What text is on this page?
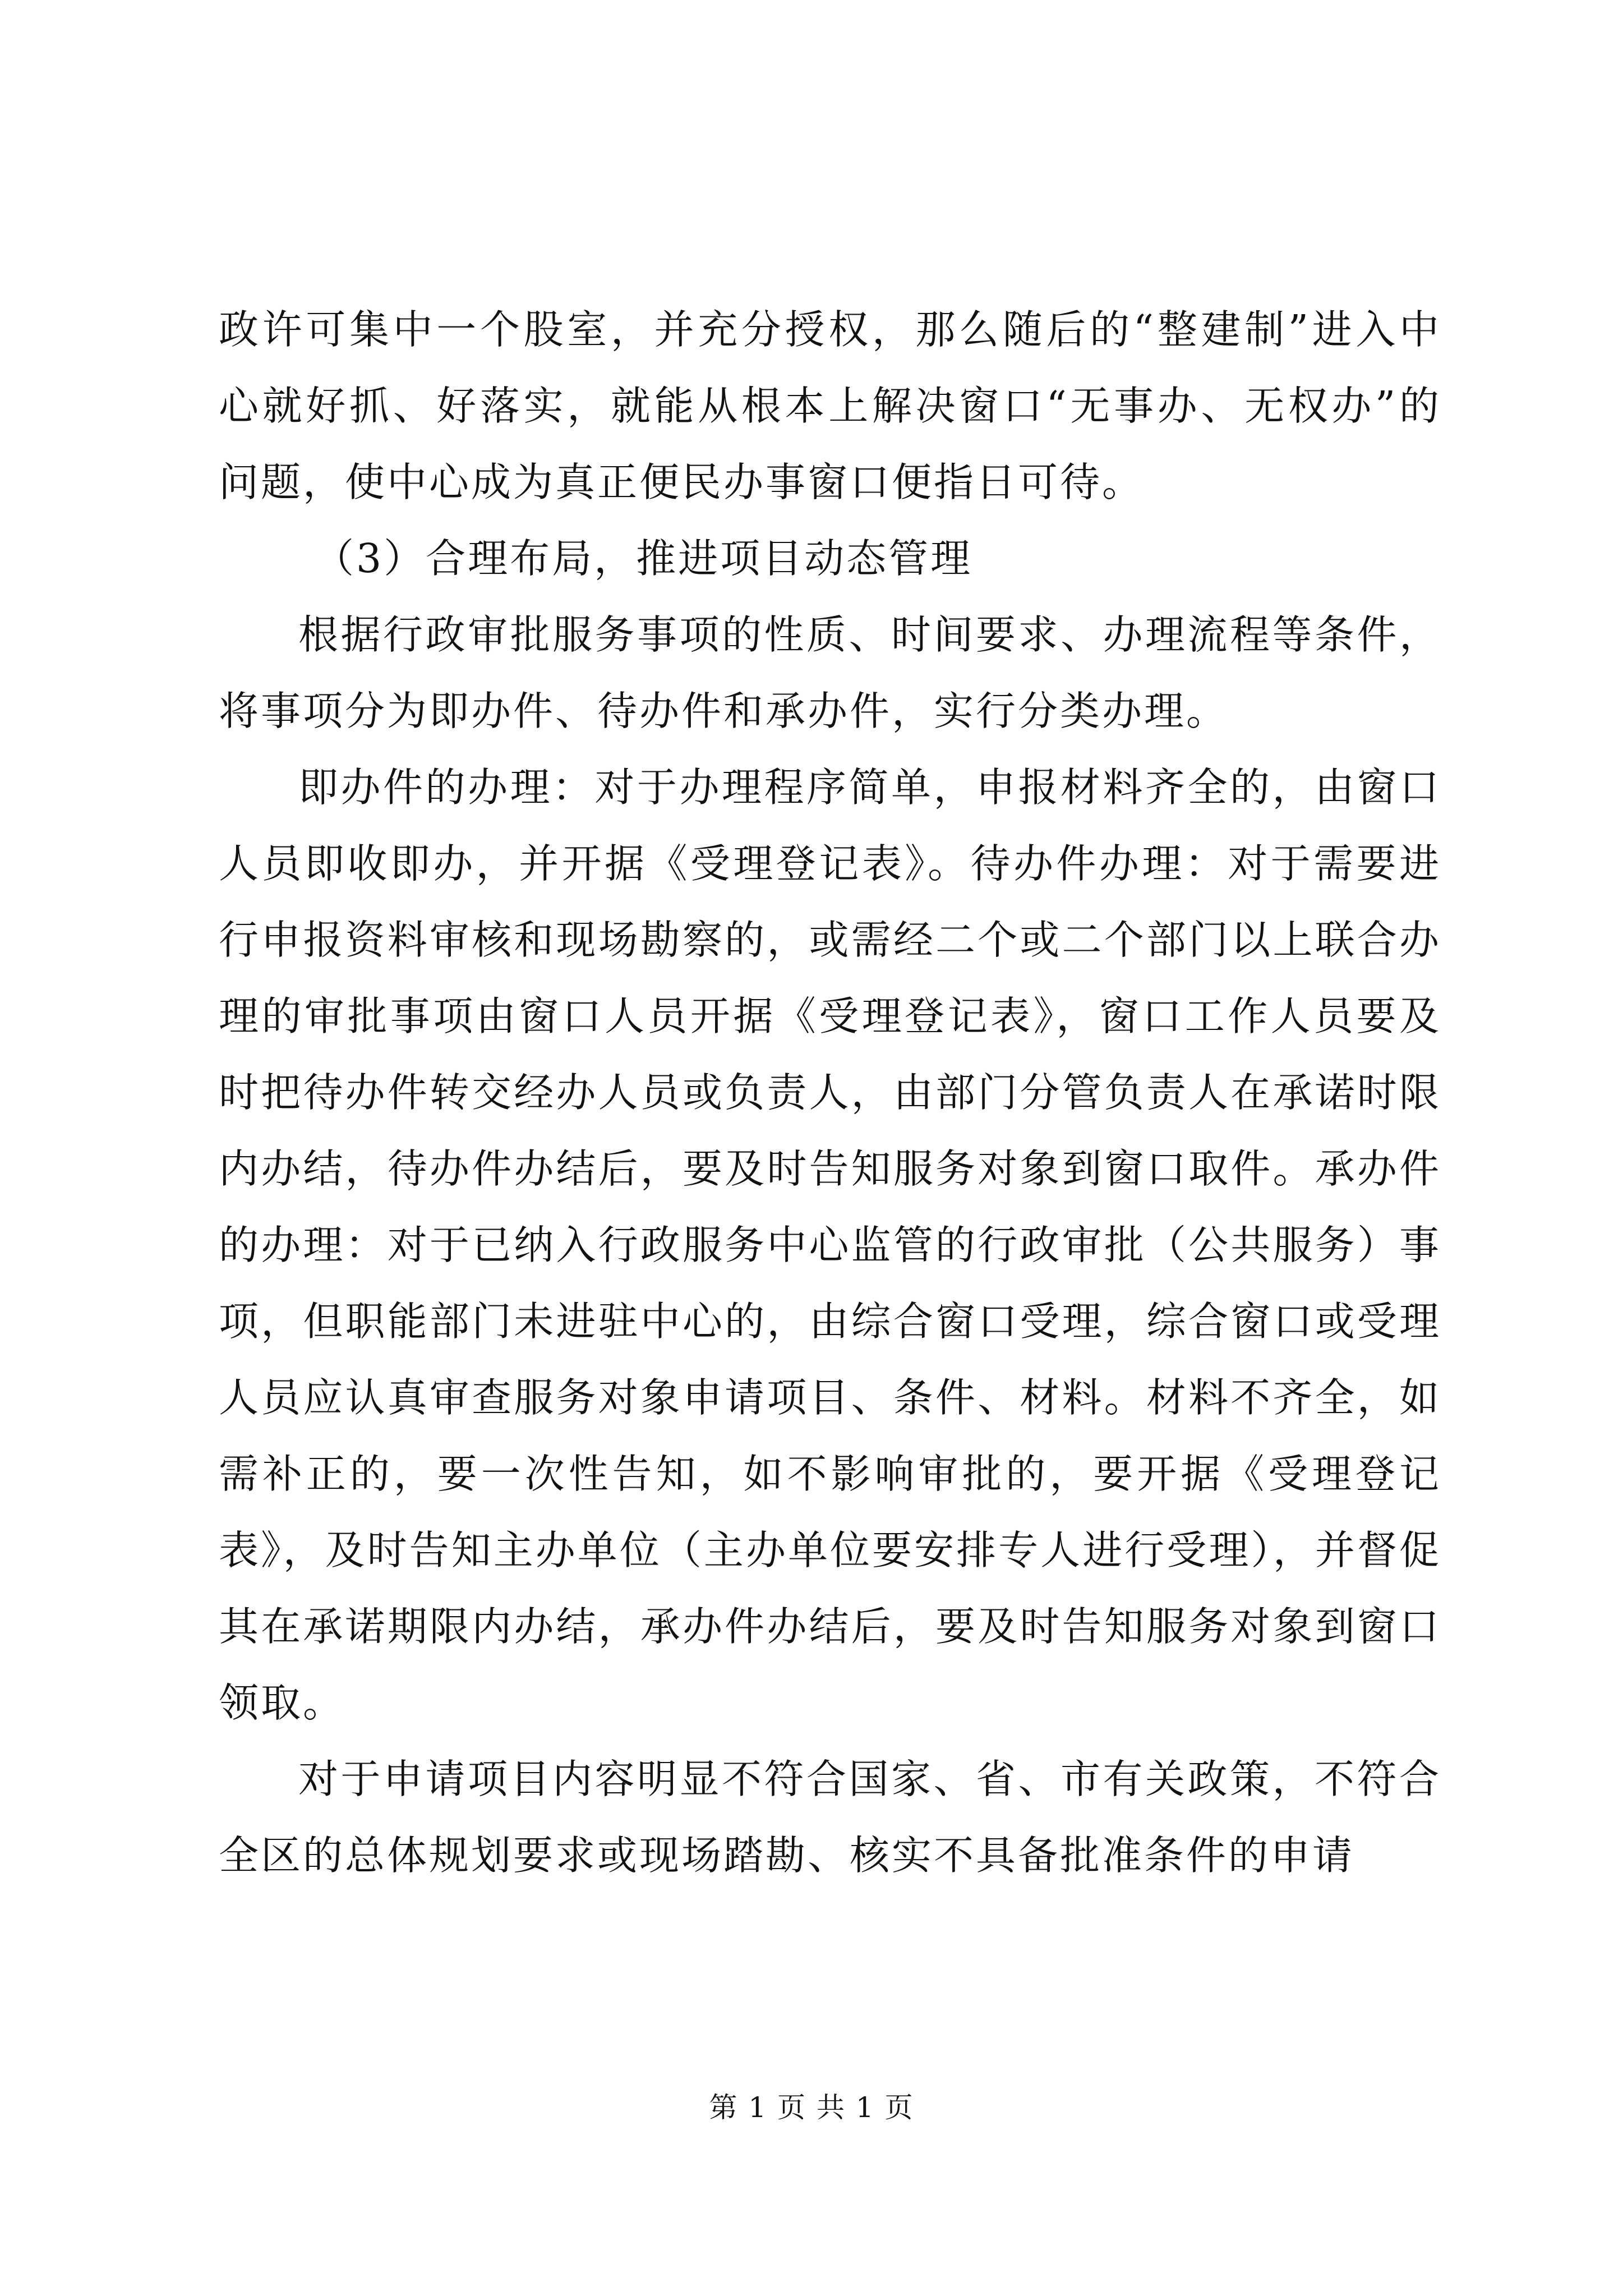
政许可集中一个股室，并充分授权，那么随后的“整建制”进入中心就好抓、好落实，就能从根本上解决窗口“无事办、无权办”的问题，使中心成为真正便民办事窗口便指日可待。

（3）合理布局，推进项目动态管理

根据行政审批服务事项的性质、时间要求、办理流程等条件，将事项分为即办件、待办件和承办件，实行分类办理。

即办件的办理：对于办理程序简单，申报材料齐全的，由窗口人员即收即办，并开据《受理登记表》。待办件办理：对于需要进行申报资料审核和现场勘察的，或需经二个或二个部门以上联合办理的审批事项由窗口人员开据《受理登记表》，窗口工作人员要及时把待办件转交经办人员或负责人，由部门分管负责人在承诺时限内办结，待办件办结后，要及时告知服务对象到窗口取件。承办件的办理：对于已纳入行政服务中心监管的行政审批（公共服务）事项，但职能部门未进驻中心的，由综合窗口受理，综合窗口或受理人员应认真审查服务对象申请项目、条件、材料。材料不齐全，如需补正的，要一次性告知，如不影响审批的，要开据《受理登记表》，及时告知主办单位（主办单位要安排专人进行受理），并督促其在承诺期限内办结，承办件办结后，要及时告知服务对象到窗口领取。

对于申请项目内容明显不符合国家、省、市有关政策，不符合全区的总体规划要求或现场踏勘、核实不具备批准条件的申请

第 1 页 共 1 页
